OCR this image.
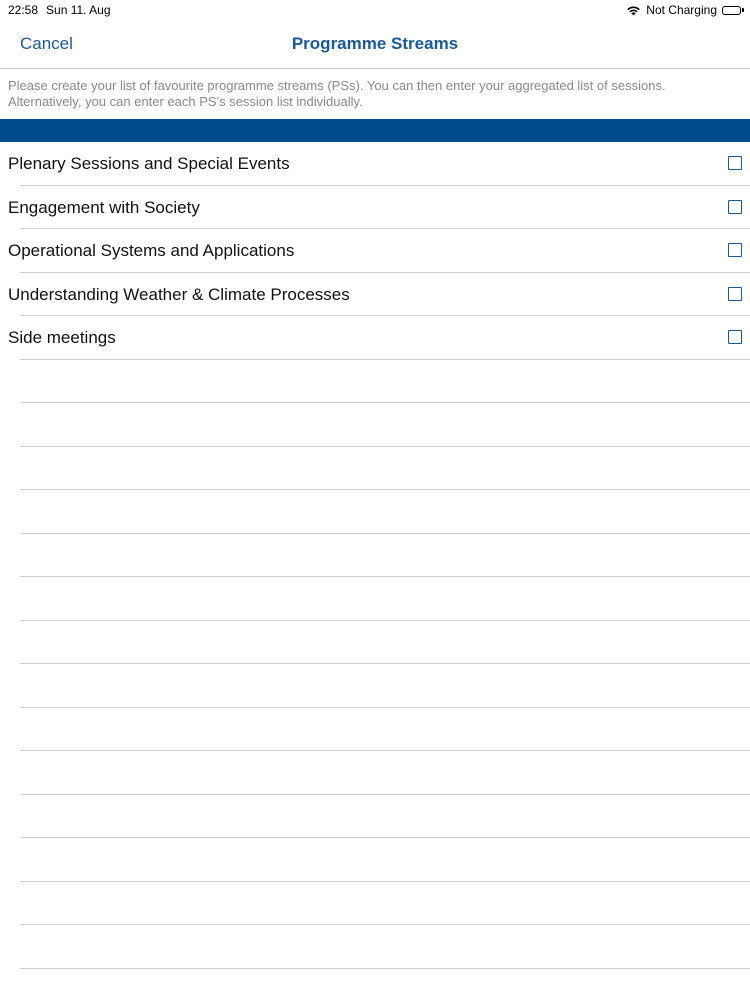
22:58 Sun 11. Aug	Not Charging
Cancel	Programme Streams
Please create your list of favourite programme streams (PSs). You can then enter your aggregated list of sessions. Alternatively, you can enter each PS's session list individually.
Plenary Sessions and Special Events
Engagement with Society
Operational Systems and Applications
Understanding Weather & Climate Processes
Side meetings
